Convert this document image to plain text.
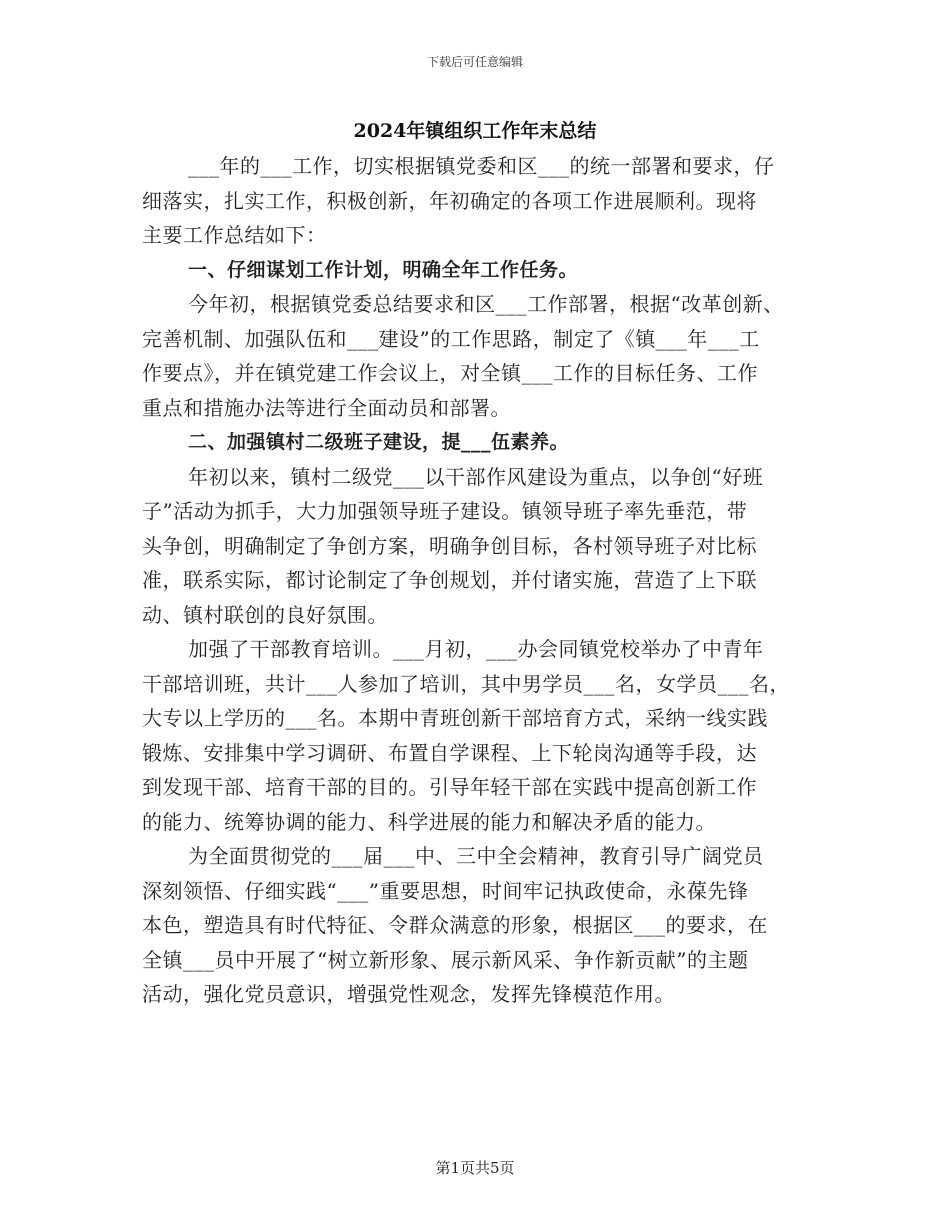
下载后可任意编辑
2024年镇组织工作年末总结
___年的___工作，切实根据镇党委和区___的统一部署和要求，仔
细落实，扎实工作，积极创新，年初确定的各项工作进展顺利。现将
主要工作总结如下：
一、仔细谋划工作计划，明确全年工作任务。
今年初，根据镇党委总结要求和区___工作部署，根据“改革创新、
完善机制、加强队伍和___建设”的工作思路，制定了《镇___年___工
作要点》，并在镇党建工作会议上，对全镇___工作的目标任务、工作
重点和措施办法等进行全面动员和部署。
二、加强镇村二级班子建设，提___伍素养。
年初以来，镇村二级党___以干部作风建设为重点，以争创“好班
子”活动为抓手，大力加强领导班子建设。镇领导班子率先垂范，带
头争创，明确制定了争创方案，明确争创目标，各村领导班子对比标
准，联系实际，都讨论制定了争创规划，并付诸实施，营造了上下联
动、镇村联创的良好氛围。
加强了干部教育培训。___月初，___办会同镇党校举办了中青年
干部培训班，共计___人参加了培训，其中男学员___名，女学员___名，
大专以上学历的___名。本期中青班创新干部培育方式，采纳一线实践
锻炼、安排集中学习调研、布置自学课程、上下轮岗沟通等手段，达
到发现干部、培育干部的目的。引导年轻干部在实践中提高创新工作
的能力、统筹协调的能力、科学进展的能力和解决矛盾的能力。
为全面贯彻党的___届___中、三中全会精神，教育引导广阔党员
深刻领悟、仔细实践“___”重要思想，时间牢记执政使命，永葆先锋
本色，塑造具有时代特征、令群众满意的形象，根据区___的要求，在
全镇___员中开展了“树立新形象、展示新风采、争作新贡献”的主题
活动，强化党员意识，增强党性观念，发挥先锋模范作用。
第1页共5页
